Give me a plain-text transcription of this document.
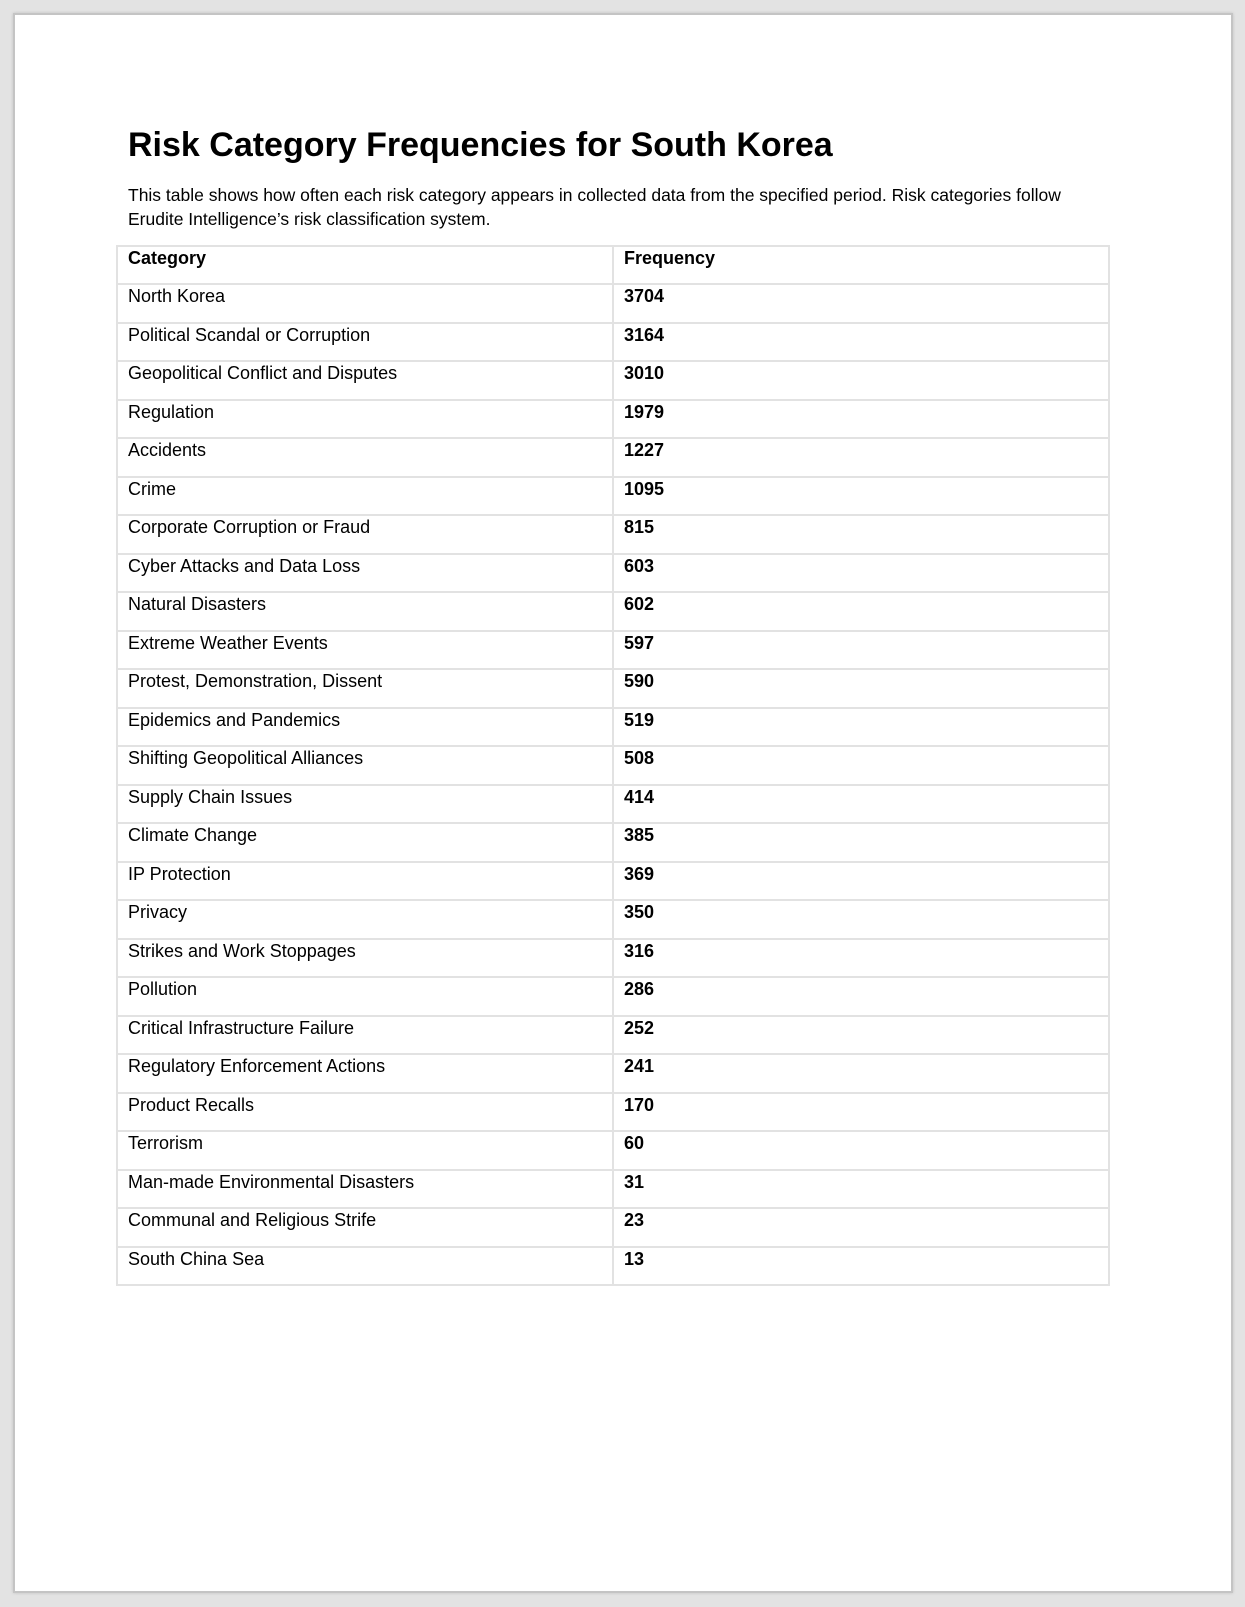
Risk Category Frequencies for South Korea

This table shows how often each risk category appears in collected data from the specified period. Risk categories follow Erudite Intelligence’s risk classification system.

Category	Frequency
North Korea	3704
Political Scandal or Corruption	3164
Geopolitical Conflict and Disputes	3010
Regulation	1979
Accidents	1227
Crime	1095
Corporate Corruption or Fraud	815
Cyber Attacks and Data Loss	603
Natural Disasters	602
Extreme Weather Events	597
Protest, Demonstration, Dissent	590
Epidemics and Pandemics	519
Shifting Geopolitical Alliances	508
Supply Chain Issues	414
Climate Change	385
IP Protection	369
Privacy	350
Strikes and Work Stoppages	316
Pollution	286
Critical Infrastructure Failure	252
Regulatory Enforcement Actions	241
Product Recalls	170
Terrorism	60
Man-made Environmental Disasters	31
Communal and Religious Strife	23
South China Sea	13
